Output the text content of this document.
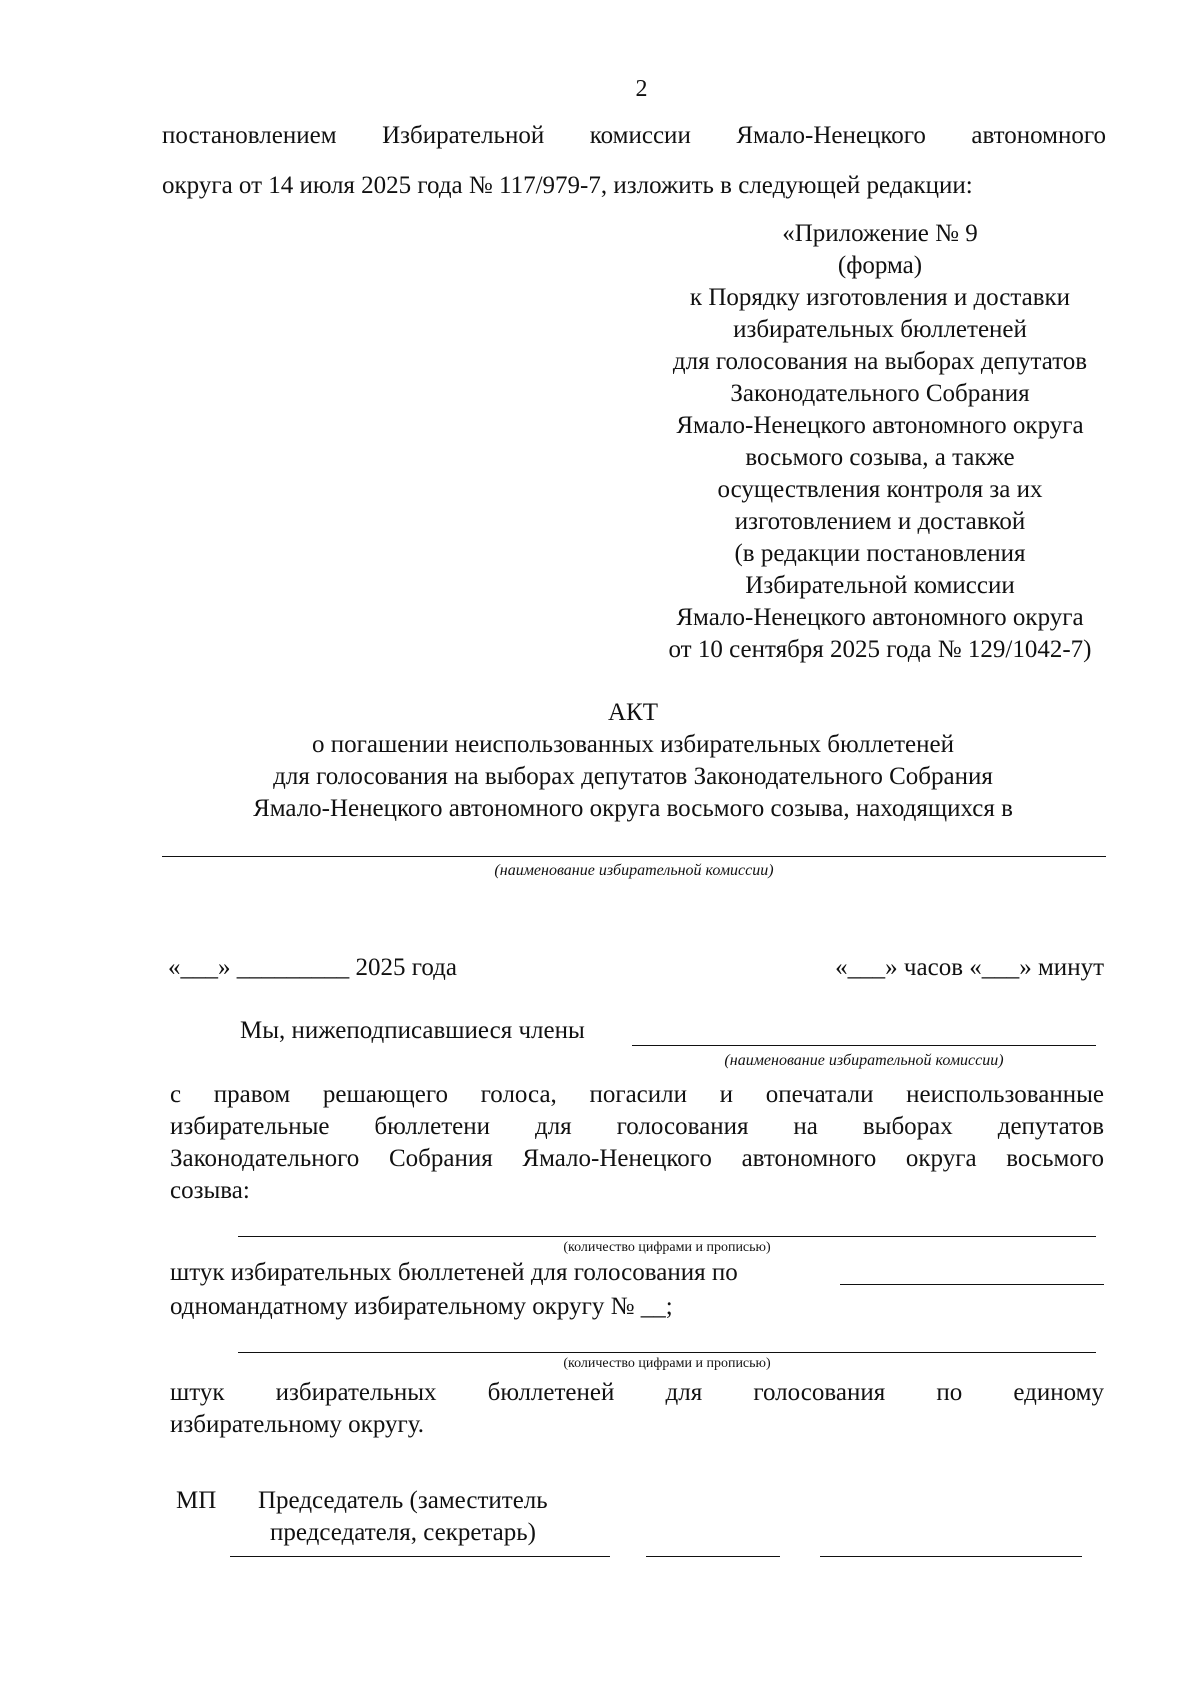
2
постановлением Избирательной комиссии Ямало-Ненецкого автономного
округа от 14 июля 2025 года № 117/979-7, изложить в следующей редакции:
«Приложение № 9
(форма)
к Порядку изготовления и доставки
избирательных бюллетеней
для голосования на выборах депутатов
Законодательного Собрания
Ямало-Ненецкого автономного округа
восьмого созыва, а также
осуществления контроля за их
изготовлением и доставкой
(в редакции постановления
Избирательной комиссии
Ямало-Ненецкого автономного округа
от 10 сентября 2025 года № 129/1042-7)
АКТ
о погашении неиспользованных избирательных бюллетеней
для голосования на выборах депутатов Законодательного Собрания
Ямало-Ненецкого автономного округа восьмого созыва, находящихся в
(наименование избирательной комиссии)
«___» _________ 2025 года	«___» часов «___» минут
Мы, нижеподписавшиеся члены
(наименование избирательной комиссии)
с правом решающего голоса, погасили и опечатали неиспользованные
избирательные бюллетени для голосования на выборах депутатов
Законодательного Собрания Ямало-Ненецкого автономного округа восьмого
созыва:
(количество цифрами и прописью)
штук избирательных бюллетеней для голосования по
одномандатному избирательному округу № __;
(количество цифрами и прописью)
штук избирательных бюллетеней для голосования по единому
избирательному округу.
МП Председатель (заместитель
председателя, секретарь)
